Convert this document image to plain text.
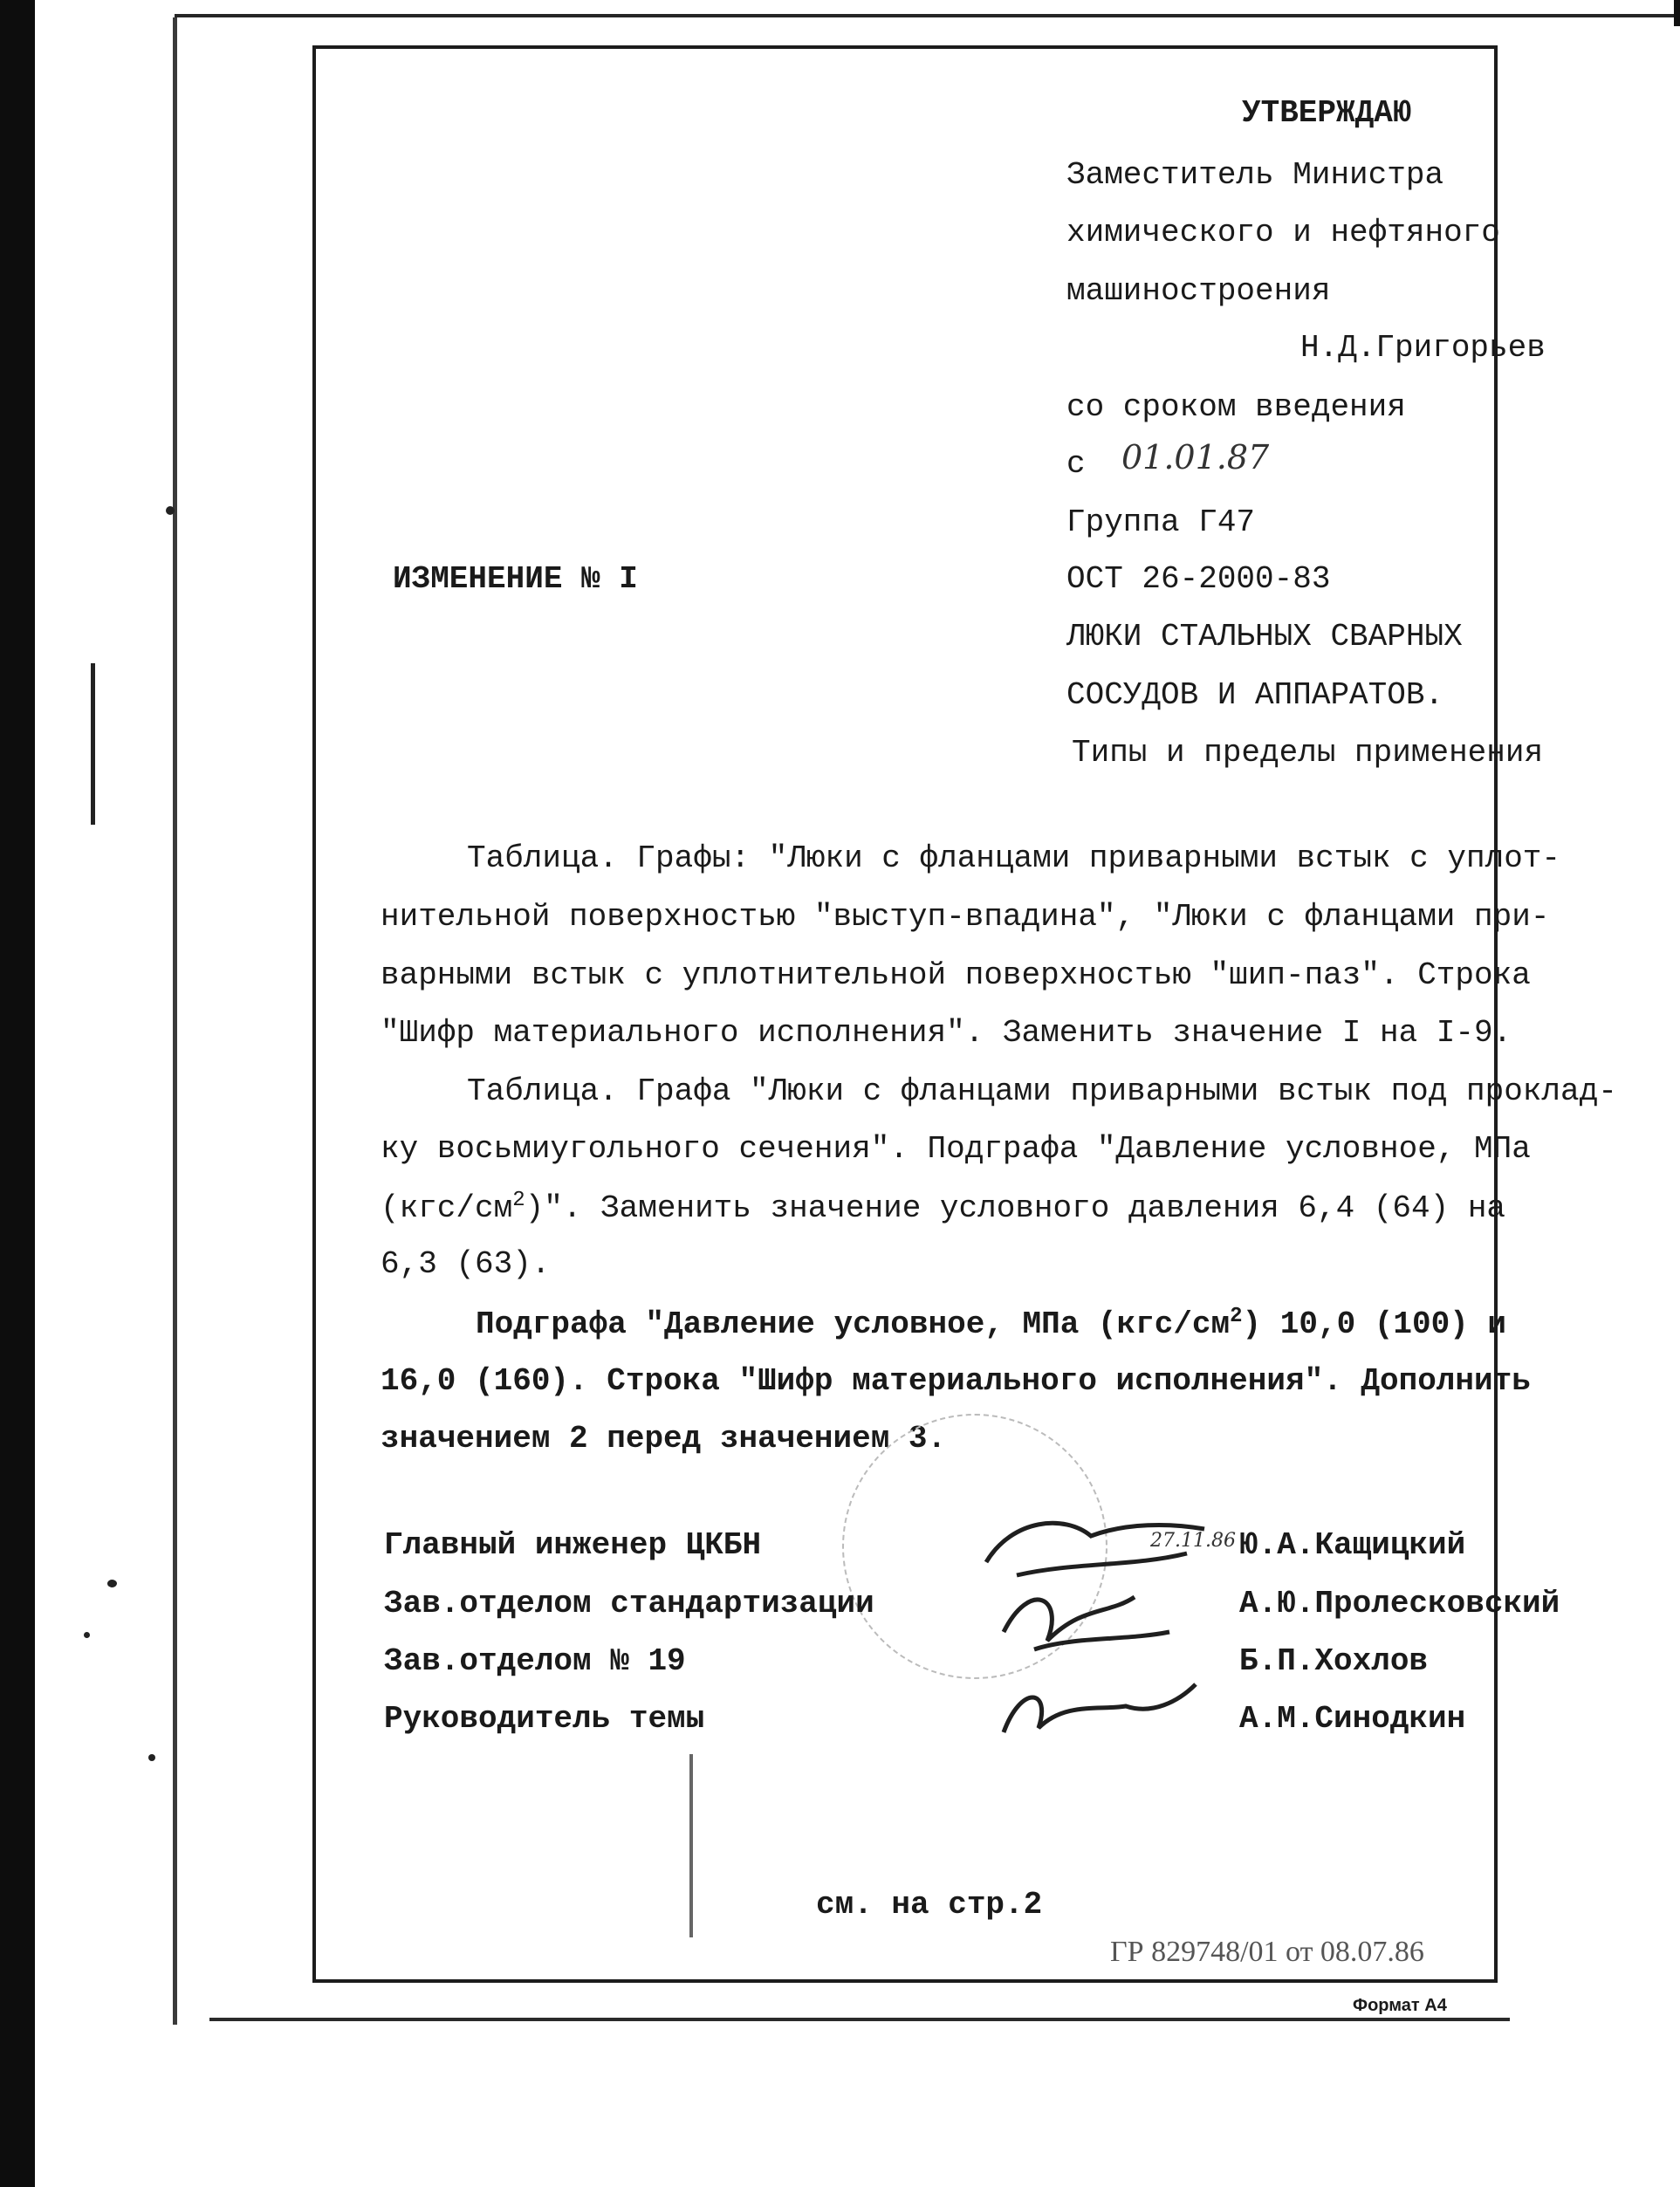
УТВЕРЖДАЮ
Заместитель Министра
химического и нефтяного
машиностроения
Н.Д.Григорьев
со сроком введения
с 01.01.87
Группа Г47
ОСТ 26-2000-83
ЛЮКИ СТАЛЬНЫХ СВАРНЫХ
СОСУДОВ И АППАРАТОВ.
Типы и пределы применения
ИЗМЕНЕНИЕ № I
Таблица. Графы: "Люки с фланцами приварными встык с уплот-
нительной поверхностью "выступ-впадина", "Люки с фланцами при-
варными встык с уплотнительной поверхностью "шип-паз". Строка
"Шифр материального исполнения". Заменить значение I на I-9.
Таблица. Графа "Люки с фланцами приварными встык под проклад-
ку восьмиугольного сечения". Подграфа "Давление условное, МПа
$(кгс/см^2)$". Заменить значение условного давления 6,4 (64) на
6,3 (63).
Подграфа "Давление условное, МПа $(кгс/см^2)$ 10,0 (100) и
16,0 (160). Строка "Шифр материального исполнения". Дополнить
значением 2 перед значением 3.
27.11.86
Главный инженер ЦКБН
Зав.отделом стандартизации
Зав.отделом № 19
Руководитель темы
Ю.А.Кащицкий
А.Ю.Пролесковский
Б.П.Хохлов
А.М.Синодкин
см. на стр.2
ГР 829748/01 от 08.07.86
Формат А4
